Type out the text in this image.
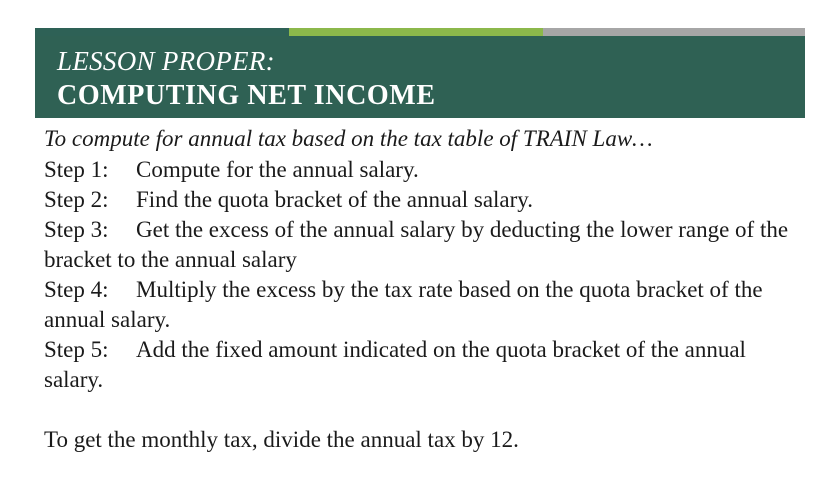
LESSON PROPER:
COMPUTING NET INCOME

To compute for annual tax based on the tax table of TRAIN Law…

Step 1: Compute for the annual salary.

Step 2: Find the quota bracket of the annual salary.

Step 3: Get the excess of the annual salary by deducting the lower range of the bracket to the annual salary

Step 4: Multiply the excess by the tax rate based on the quota bracket of the annual salary.

Step 5: Add the fixed amount indicated on the quota bracket of the annual salary.

To get the monthly tax, divide the annual tax by 12.
